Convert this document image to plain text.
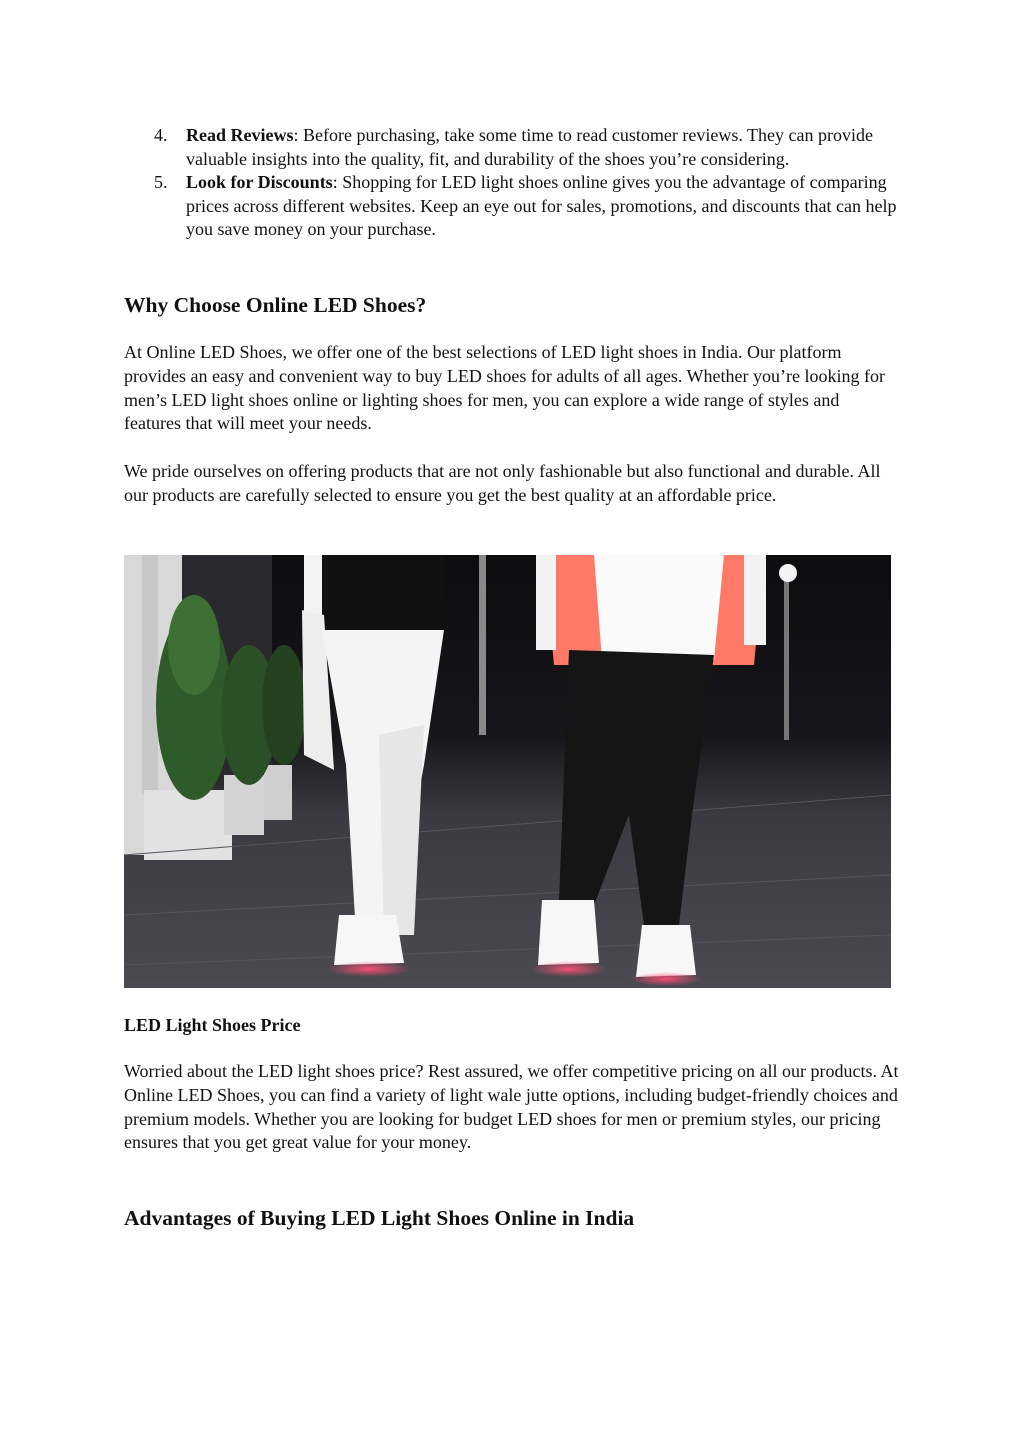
4. Read Reviews: Before purchasing, take some time to read customer reviews. They can provide valuable insights into the quality, fit, and durability of the shoes you’re considering.
5. Look for Discounts: Shopping for LED light shoes online gives you the advantage of comparing prices across different websites. Keep an eye out for sales, promotions, and discounts that can help you save money on your purchase.
Why Choose Online LED Shoes?

At Online LED Shoes, we offer one of the best selections of LED light shoes in India. Our platform provides an easy and convenient way to buy LED shoes for adults of all ages. Whether you’re looking for men’s LED light shoes online or lighting shoes for men, you can explore a wide range of styles and features that will meet your needs.

We pride ourselves on offering products that are not only fashionable but also functional and durable. All our products are carefully selected to ensure you get the best quality at an affordable price.

LED Light Shoes Price

Worried about the LED light shoes price? Rest assured, we offer competitive pricing on all our products. At Online LED Shoes, you can find a variety of light wale jutte options, including budget-friendly choices and premium models. Whether you are looking for budget LED shoes for men or premium styles, our pricing ensures that you get great value for your money.

Advantages of Buying LED Light Shoes Online in India
